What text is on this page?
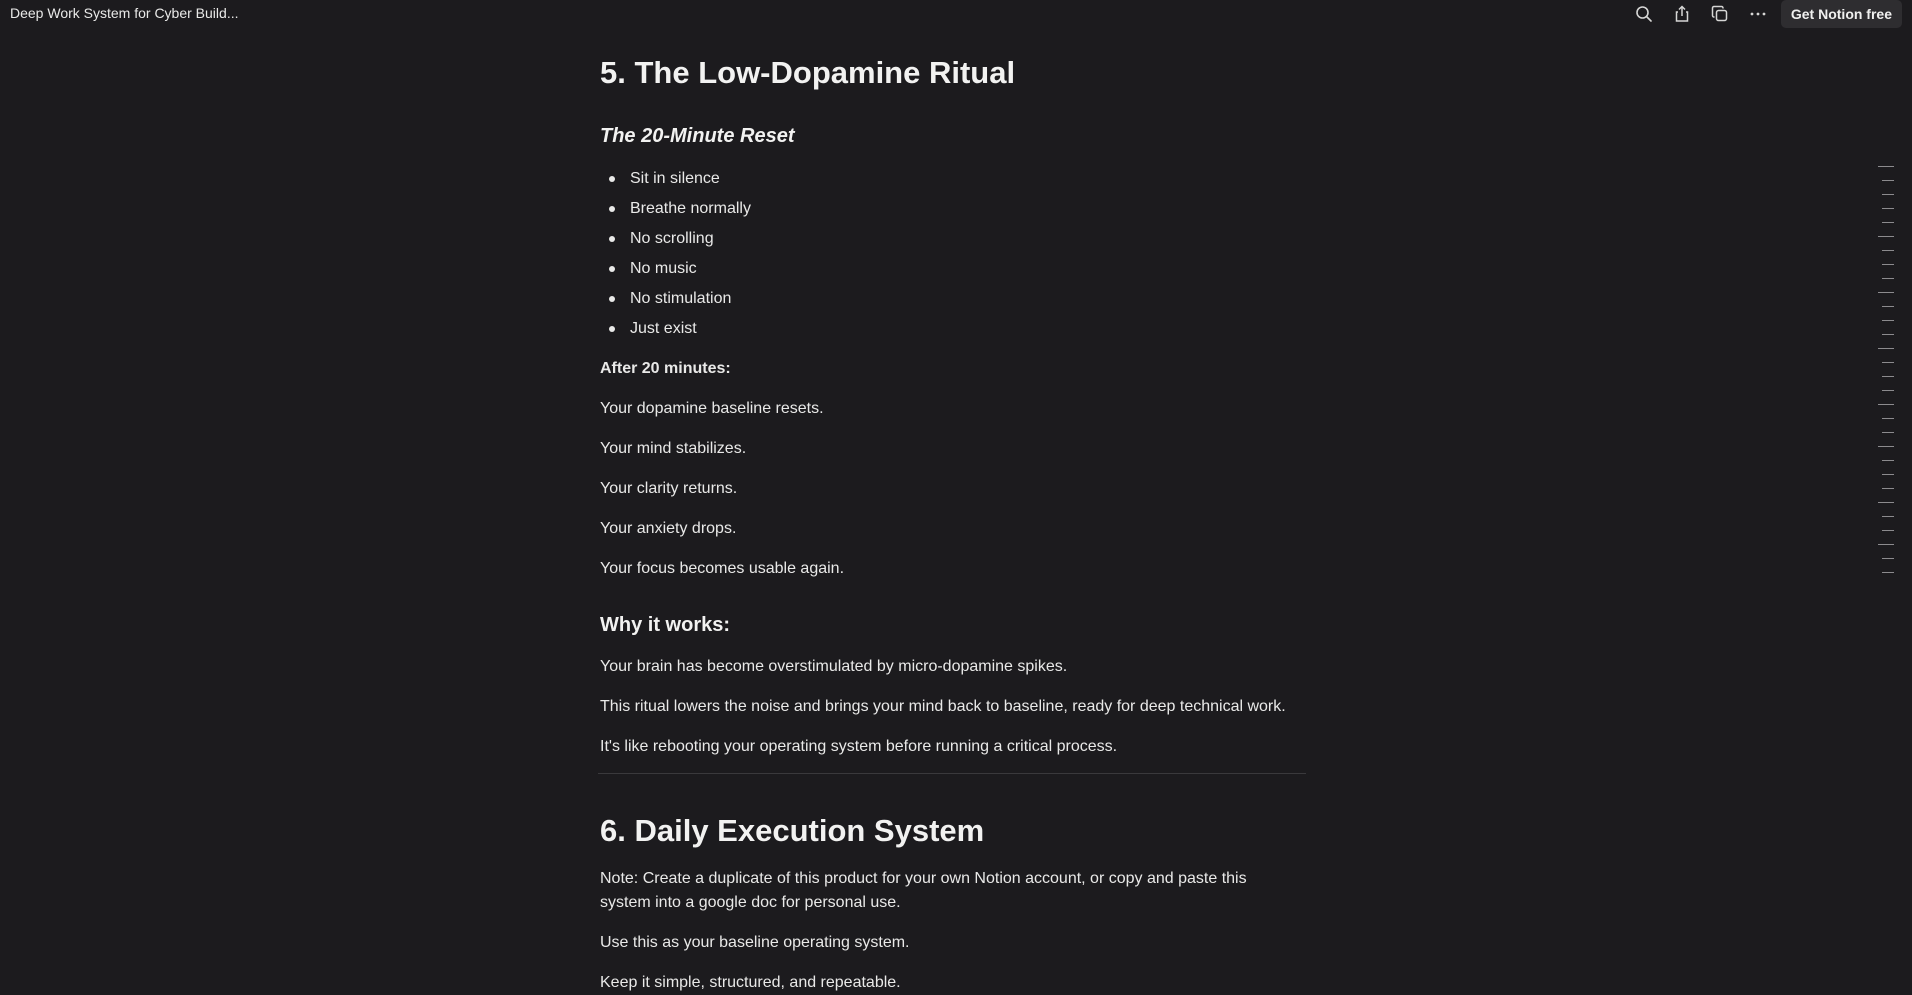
Deep Work System for Cyber Build...	Get Notion free
5. The Low-Dopamine Ritual
The 20-Minute Reset
Sit in silence
Breathe normally
No scrolling
No music
No stimulation
Just exist
After 20 minutes:
Your dopamine baseline resets.
Your mind stabilizes.
Your clarity returns.
Your anxiety drops.
Your focus becomes usable again.
Why it works:
Your brain has become overstimulated by micro-dopamine spikes.
This ritual lowers the noise and brings your mind back to baseline, ready for deep technical work.
It's like rebooting your operating system before running a critical process.
6. Daily Execution System
Note: Create a duplicate of this product for your own Notion account, or copy and paste this system into a google doc for personal use.
Use this as your baseline operating system.
Keep it simple, structured, and repeatable.
